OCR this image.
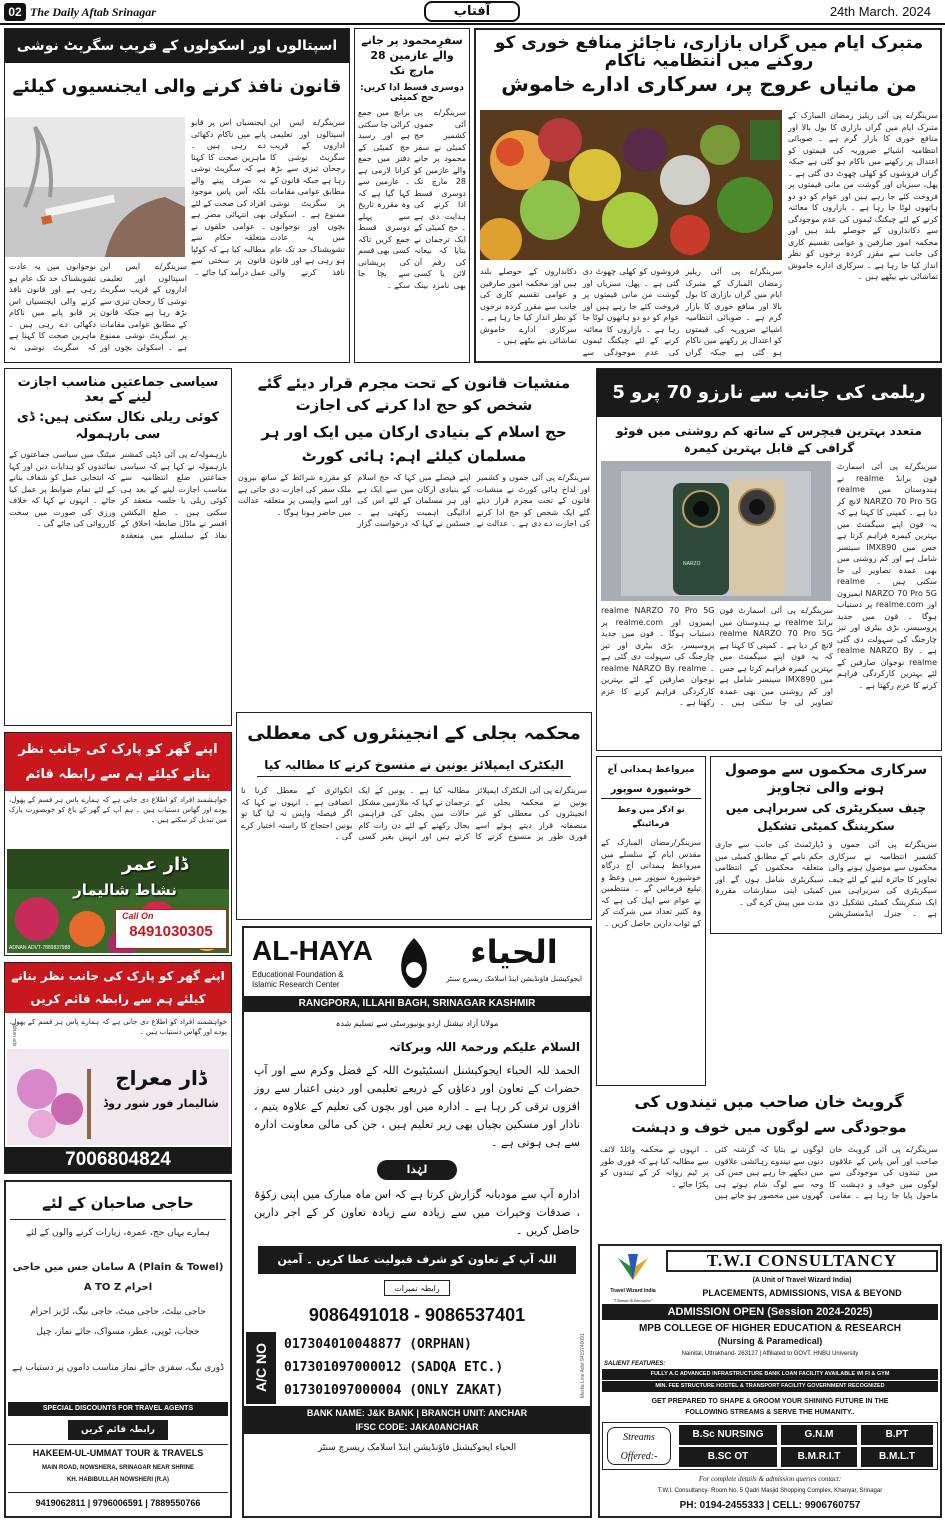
02 The Daily Aftab Srinagar	آفتاب	24th March. 2024
متبرک ایام میں گراں بازاری، ناجائز منافع خوری کو روکنے میں انتظامیہ ناکام
من مانیاں عروج پر، سرکاری ادارے خاموش
سرینگر/ے پی آئی ریلیز رمضان المبارک کے متبرک ایام میں گراں بازاری کا بول بالا اور منافع خوری کا بازار گرم ہے ۔ صوبائی انتظامیہ اشیائے ضروریہ کی قیمتوں کو اعتدال پر رکھنے میں ناکام ہو گئی ہے جبکہ گراں فروشوں کو کھلی چھوٹ دی گئی ہے ۔ پھل، سبزیاں اور گوشت من مانی قیمتوں پر فروخت کئے جا رہے ہیں اور عوام کو دو دو ہاتھوں لوٹا جا رہا ہے ۔ بازاروں کا معائنہ کرنے کے لئے چیکنگ ٹیموں کی عدم موجودگی سے دکانداروں کے حوصلے بلند ہیں اور محکمہ امور صارفین و عوامی تقسیم کاری کی جانب سے مقرر کردہ نرخوں کو نظر انداز کیا جا رہا ہے ۔ سرکاری ادارے خاموش تماشائی بنے بیٹھے ہیں ۔
سرینگر/ے پی آئی ریلیز رمضان المبارک کے متبرک ایام میں گراں بازاری کا بول بالا اور منافع خوری کا بازار گرم ہے ۔ صوبائی انتظامیہ اشیائے ضروریہ کی قیمتوں کو اعتدال پر رکھنے میں ناکام ہو گئی ہے جبکہ گراں فروشوں کو کھلی چھوٹ دی گئی ہے ۔ پھل، سبزیاں اور گوشت من مانی قیمتوں پر فروخت کئے جا رہے ہیں اور عوام کو دو دو ہاتھوں لوٹا جا رہا ہے ۔ بازاروں کا معائنہ کرنے کے لئے چیکنگ ٹیموں کی عدم موجودگی سے دکانداروں کے حوصلے بلند ہیں اور محکمہ امور صارفین و عوامی تقسیم کاری کی جانب سے مقرر کردہ نرخوں کو نظر انداز کیا جا رہا ہے ۔ سرکاری ادارے خاموش تماشائی بنے بیٹھے ہیں ۔
سفرِمحمود پر جانے والے عازمین 28 مارچ تک
دوسری قسط ادا کریں: حج کمیٹی
سرینگر/ے پی آئی جموں کشمیر حج کمیٹی نے سفر محمود پر جانے والے عازمین کو 28 مارچ تک دوسری قسط ادا کرنے کی ہدایت دی ہے ۔ حج کمیٹی کے ایک ترجمان نے بتایا کہ بیعانہ کی رقم آن لائن یا کسی بھی نامزد بینک برانچ میں جمع کرائی جا سکتی ہے اور رسید حج کمیٹی کے دفتر میں جمع کرانا لازمی ہے ۔ عازمین سے کہا گیا ہے کہ وہ مقررہ تاریخ سے پہلے دوسری قسط جمع کریں تاکہ کسی بھی قسم کی پریشانی سے بچا جا سکے ۔
اسپتالوں اور اسکولوں کے قریب سگریٹ نوشی
قانون نافذ کرنے والی ایجنسیوں کیلئے
سرینگر/ے ایس این اسپتالوں اور تعلیمی اداروں کے قریب سگریٹ نوشی کا رجحان تیزی سے بڑھ رہا ہے جبکہ قانون کے مطابق عوامی مقامات پر سگریٹ نوشی ممنوع ہے ۔ اسکولی بچوں اور نوجوانوں میں یہ عادت تشویشناک حد تک عام ہو رہی ہے اور قانون نافذ کرنے والی ایجنسیاں اس پر قابو پانے میں ناکام دکھائی دے رہی ہیں ۔ ماہرین صحت کا کہنا ہے کہ سگریٹ نوشی نہ صرف پینے والے بلکہ آس پاس موجود افراد کی صحت کے لئے بھی انتہائی مضر ہے ۔ عوامی حلقوں نے متعلقہ حکام سے مطالبہ کیا ہے کہ کوٹپا قانون پر سختی سے عمل درآمد کیا جائے ۔
سرینگر/ے ایس این اسپتالوں اور تعلیمی اداروں کے قریب سگریٹ نوشی کا رجحان تیزی سے بڑھ رہا ہے جبکہ قانون کے مطابق عوامی مقامات پر سگریٹ نوشی ممنوع ہے ۔ اسکولی بچوں اور نوجوانوں میں یہ عادت تشویشناک حد تک عام ہو رہی ہے اور قانون نافذ کرنے والی ایجنسیاں اس پر قابو پانے میں ناکام دکھائی دے رہی ہیں ۔ ماہرین صحت کا کہنا ہے کہ سگریٹ نوشی نہ
ریلمی کی جانب سے نارزو 70 پرو 5
متعدد بہترین فیچرس کے ساتھ کم روشنی میں فوٹو گرافی کے قابل بہترین کیمرہ
NARZO
سرینگر/ے پی آئی اسمارٹ فون برانڈ realme نے ہندوستان میں realme NARZO 70 Pro 5G لانچ کر دیا ہے ۔ کمپنی کا کہنا ہے کہ یہ فون اپنے سیگمنٹ میں بہترین کیمرہ فراہم کرتا ہے جس میں IMX890 سینسر شامل ہے اور کم روشنی میں بھی عمدہ تصاویر لی جا سکتی ہیں ۔ realme NARZO 70 Pro 5G ایمیزون اور realme.com پر دستیاب ہوگا ۔ فون میں جدید پروسیسر، بڑی بیٹری اور تیز چارجنگ کی سہولت دی گئی ہے ۔ realme NARZO By realme نوجوان صارفین کے لئے بہترین کارکردگی فراہم کرنے کا عزم رکھتا ہے ۔
سرینگر/ے پی آئی اسمارٹ فون برانڈ realme نے ہندوستان میں realme NARZO 70 Pro 5G لانچ کر دیا ہے ۔ کمپنی کا کہنا ہے کہ یہ فون اپنے سیگمنٹ میں بہترین کیمرہ فراہم کرتا ہے جس میں IMX890 سینسر شامل ہے اور کم روشنی میں بھی عمدہ تصاویر لی جا سکتی ہیں ۔ realme NARZO 70 Pro 5G ایمیزون اور realme.com پر دستیاب ہوگا ۔ فون میں جدید پروسیسر، بڑی بیٹری اور تیز چارجنگ کی سہولت دی گئی ہے ۔ realme NARZO By realme نوجوان صارفین کے لئے بہترین کارکردگی فراہم کرنے کا عزم رکھتا ہے ۔
منشیات قانون کے تحت مجرم قرار دیئے گئے شخص کو حج ادا کرنے کی اجازت
حج اسلام کے بنیادی ارکان میں ایک اور ہر مسلمان کیلئے اہم: ہائی کورٹ
سرینگر/ے پی آئی جموں و کشمیر اور لداخ ہائی کورٹ نے منشیات قانون کے تحت مجرم قرار دیئے گئے ایک شخص کو حج ادا کرنے کی اجازت دے دی ہے ۔ عدالت نے اپنے فیصلے میں کہا کہ حج اسلام کے بنیادی ارکان میں سے ایک ہے اور ہر مسلمان کے لئے اس کی ادائیگی اہمیت رکھتی ہے ۔ جسٹس نے کہا کہ درخواست گزار کو مقررہ شرائط کے ساتھ بیرون ملک سفر کی اجازت دی جاتی ہے اور اسے واپسی پر متعلقہ عدالت میں حاضر ہونا ہوگا ۔
سیاسی جماعتیں مناسب اجازت لینے کے بعد
کوئی ریلی نکال سکتی ہیں: ڈی سی بارہمولہ
بارہمولہ/ے پی آئی ڈپٹی کمشنر بارہمولہ نے کہا ہے کہ سیاسی جماعتیں ضلع انتظامیہ سے مناسب اجازت لینے کے بعد ہی کوئی ریلی یا جلسہ منعقد کر سکتی ہیں ۔ ضلع الیکشن افسر نے ماڈل ضابطہ اخلاق کے نفاذ کے سلسلے میں منعقدہ میٹنگ میں سیاسی جماعتوں کے نمائندوں کو ہدایات دیں اور کہا کہ انتخابی عمل کو شفاف بنانے کے لئے تمام ضوابط پر عمل کیا جائے ۔ انہوں نے کہا کہ خلاف ورزی کی صورت میں سخت کارروائی کی جائے گی ۔
اپنے گھر کو پارک کی جانب نظر بنانے کیلئے ہم سے رابطہ قائم
خواہشمند افراد کو اطلاع دی جاتی ہے کہ ہمارے پاس ہر قسم کے پھول، پودے اور گھاس دستیاب ہیں ۔ ہم آپ کے گھر کے باغ کو خوبصورت پارک میں تبدیل کر سکتے ہیں ۔
ڈار عمر
نشاط شالیمار
Call On
8491030305
ADNAN ADVT-7889837988
اپنے گھر کو پارک کی جانب نظر بنانے کیلئے ہم سے رابطہ قائم کریں
خواہشمند افراد کو اطلاع دی جاتی ہے کہ ہمارے پاس ہر قسم کے پھول، پودے اور گھاس دستیاب ہیں ۔
adnan ads
ڈار معراج
شالیمار فور شور روڈ
7006804824
حاجی صاحبان کے لئے
ہمارے یہاں حج، عمرہ، زیارات کرنے والوں کے لئے
(Plain & Towel) A سامان جس میں حاجی احرام A TO Z
حاجی بیلٹ، حاجی میٹ، حاجی بیگ، لڑیز احرام
حجاب، ٹوپی، عطر، مسواک، جائے نماز، چپل
ڈوری بیگ، سفری جائے نماز مناسب داموں پر دستیاب ہے
SPECIAL DISCOUNTS FOR TRAVEL AGENTS
رابطہ قائم کریں
HAKEEM-UL-UMMAT TOUR & TRAVELS
MAIN ROAD, NOWSHERA, SRINAGAR NEAR SHRINE
KH. HABIBULLAH NOWSHERI (R.A)
9419062811 | 9796006591 | 7889550766
محکمہ بجلی کے انجینئروں کی معطلی
الیکٹرک ایمپلائز یونین نے منسوخ کرنے کا مطالبہ کیا
سرینگر/ے پی آئی الیکٹرک ایمپلائز یونین نے محکمہ بجلی کے انجینئروں کی معطلی کو غیر منصفانہ قرار دیتے ہوئے اسے فوری طور پر منسوخ کرنے کا مطالبہ کیا ہے ۔ یونین کے ایک ترجمان نے کہا کہ ملازمین مشکل حالات میں بجلی کی فراہمی بحال رکھنے کے لئے دن رات کام کرتے ہیں اور انہیں بغیر کسی انکوائری کے معطل کرنا نا انصافی ہے ۔ انہوں نے کہا کہ اگر فیصلہ واپس نہ لیا گیا تو یونین احتجاج کا راستہ اختیار کرے گی ۔
AL-HAYA
Educational Foundation &
Islamic Research Center
الحیاء
ایجوکیشنل فاؤنڈیشن اینڈ اسلامک ریسرچ سنٹر
RANGPORA, ILLAHI BAGH, SRINAGAR KASHMIR
مولانا آزاد نیشنل اردو یونیورسٹی سے تسلیم شدہ
السلام علیکم ورحمۃ اللہ وبرکاتہ
الحمد للہ الحیاء ایجوکیشنل انسٹیٹیوٹ اللہ کے فضل وکرم سے اور آپ حضرات کے تعاون اور دعاؤں کے ذریعے تعلیمی اور دینی اعتبار سے روز افزوں ترقی کر رہا ہے ۔ ادارہ میں اور بچوں کی تعلیم کے علاوہ یتیم ، نادار اور مسکین بچیاں بھی زیر تعلیم ہیں ، جن کی مالی معاونت ادارہ سے ہی ہوتی ہے ۔
لہٰذا
ادارہ آپ سے مودبانہ گزارش کرتا ہے کہ اس ماہ مبارک میں اپنی زکوٰۃ ، صدقات وخیرات میں سے زیادہ سے زیادہ تعاون کر کے اجر دارین حاصل کریں ۔
اللہ آپ کے تعاون کو شرف قبولیت عطا کریں ۔ آمین
رابطہ نمبرات
9086491018 - 9086537401
A/C NO	017304010048877 (ORPHAN)
017301097000012 (SADQA ETC.)
017301097000004 (ONLY ZAKAT)
BANK NAME: J&K BANK | BRANCH UNIT: ANCHAR
IFSC CODE: JAKA0ANCHAR
الحیاء ایجوکیشنل فاؤنڈیشن اینڈ اسلامک ریسرچ سنٹر
Media Line Advt 9419740091
میرواعظ ہمدانی آج
خوشپورہ سوپور
نو ادگر میں وعظ فرمائینگے
سرینگر/رمضان المبارک کے مقدس ایام کے سلسلے میں میرواعظ ہمدانی آج درگاہ خوشپورہ سوپور میں وعظ و تبلیغ فرمائیں گے ۔ منتظمین نے عوام سے اپیل کی ہے کہ وہ کثیر تعداد میں شرکت کر کے ثواب دارین حاصل کریں ۔
سرکاری محکموں سے موصول ہونے والی تجاویز
چیف سیکریٹری کی سربراہی میں سکریننگ کمیٹی تشکیل
سرینگر/ے پی آئی جموں و کشمیر انتظامیہ نے سرکاری محکموں سے موصول ہونے والی تجاویز کا جائزہ لینے کے لئے چیف سیکریٹری کی سربراہی میں ایک سکریننگ کمیٹی تشکیل دی ہے ۔ جنرل ایڈمنسٹریشن ڈپارٹمنٹ کی جانب سے جاری حکم نامے کے مطابق کمیٹی میں متعلقہ محکموں کے انتظامی سیکریٹری شامل ہوں گے اور کمیٹی اپنی سفارشات مقررہ مدت میں پیش کرے گی ۔
گرویٹ خان صاحب میں تیندوں کی
موجودگی سے لوگوں میں خوف و دہشت
سرینگر/ے پی آئی گرویٹ خان صاحب اور آس پاس کے علاقوں میں تیندوں کی موجودگی سے لوگوں میں خوف و دہشت کا ماحول پایا جا رہا ہے ۔ مقامی لوگوں نے بتایا کہ گزشتہ کئی دنوں سے تیندوے رہائشی علاقوں میں دیکھے جا رہے ہیں جس کی وجہ سے لوگ شام ہوتے ہی گھروں میں محصور ہو جاتے ہیں ۔ انہوں نے محکمہ وائلڈ لائف سے مطالبہ کیا ہے کہ فوری طور پر ٹیم روانہ کر کے تیندوں کو پکڑا جائے ۔
Travel Wizard India
"Ultimate & Innovative"
T.W.I CONSULTANCY
(A Unit of Travel Wizard India)
PLACEMENTS, ADMISSIONS, VISA & BEYOND
ADMISSION OPEN (Session 2024-2025)
MPB COLLEGE OF HIGHER EDUCATION & RESEARCH
(Nursing & Paramedical)
Nainital, Uttrakhand- 263127 | Affiliated to GOVT. HNBU University
SALIENT FEATURES:
FULLY A.C ADVANCED INFRASTRUCTURE BANK LOAN FACILITY AVAILABLE WI FI & GYM
MIN. FEE STRUCTURE HOSTEL & TRANSPORT FACILITY GOVERNMENT RECOGNIZED
GET PREPARED TO SHAPE & GROOM YOUR SHINING FUTURE IN THE
FOLLOWING STREAMS & SERVE THE HUMANITY..
Streams Offered:-
B.Sc NURSING	G.N.M	B.PT
B.SC OT	B.M.R.I.T	B.M.L.T
For complete details & admission queries contact:
T.W.I. Consultancy- Room No. 5 Qadri Masjid Shopping Complex, Khanyar, Srinagar
PH: 0194-2455333 | CELL: 9906760757
